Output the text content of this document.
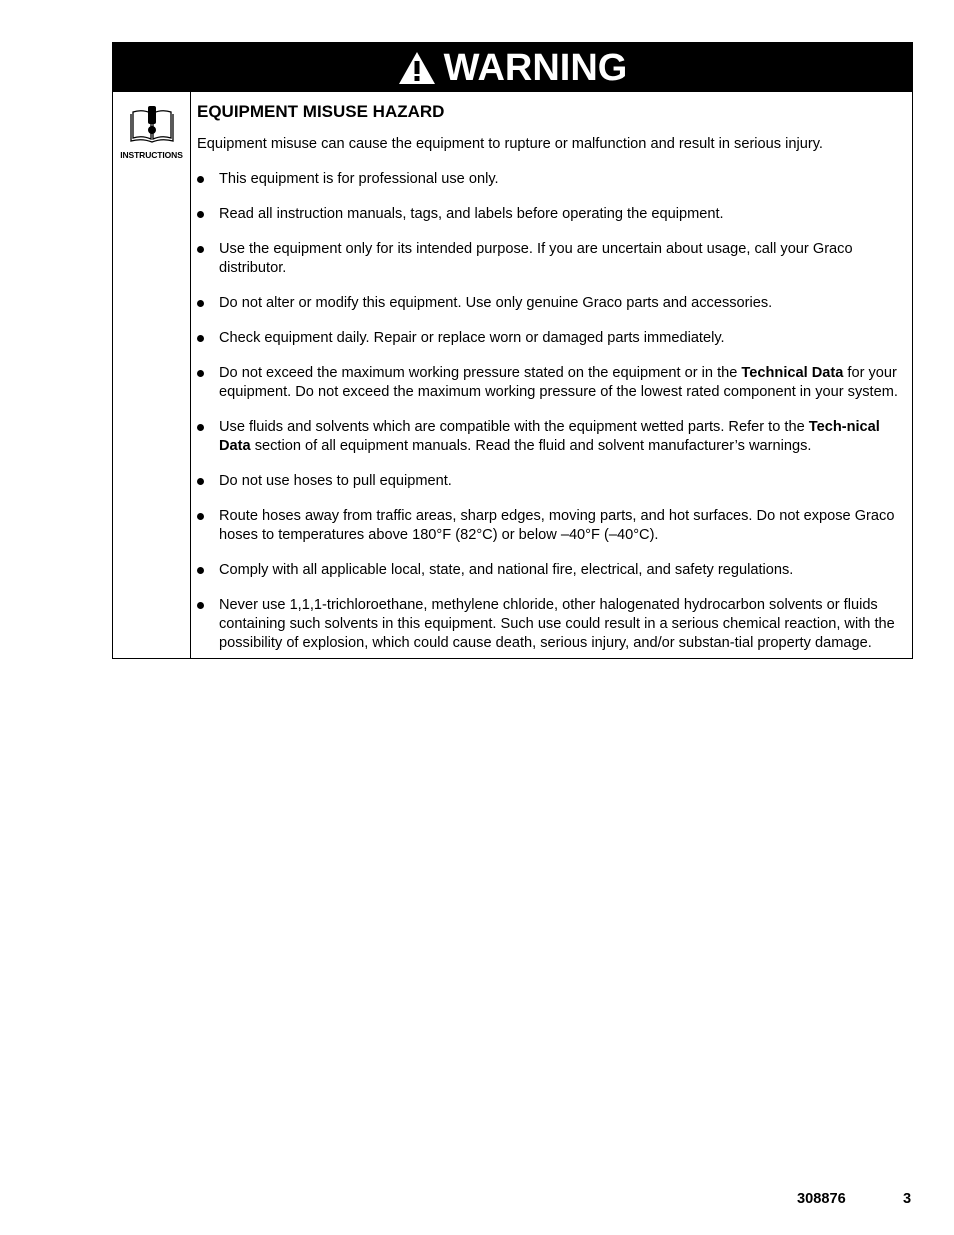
WARNING
INSTRUCTIONS
EQUIPMENT MISUSE HAZARD
Equipment misuse can cause the equipment to rupture or malfunction and result in serious injury.
This equipment is for professional use only.
Read all instruction manuals, tags, and labels before operating the equipment.
Use the equipment only for its intended purpose. If you are uncertain about usage, call your Graco distributor.
Do not alter or modify this equipment. Use only genuine Graco parts and accessories.
Check equipment daily. Repair or replace worn or damaged parts immediately.
Do not exceed the maximum working pressure stated on the equipment or in the Technical Data for your equipment. Do not exceed the maximum working pressure of the lowest rated component in your system.
Use fluids and solvents which are compatible with the equipment wetted parts. Refer to the Tech-nical Data section of all equipment manuals. Read the fluid and solvent manufacturer’s warnings.
Do not use hoses to pull equipment.
Route hoses away from traffic areas, sharp edges, moving parts, and hot surfaces. Do not expose Graco hoses to temperatures above 180°F (82°C) or below –40°F (–40°C).
Comply with all applicable local, state, and national fire, electrical, and safety regulations.
Never use 1,1,1-trichloroethane, methylene chloride, other halogenated hydrocarbon solvents or fluids containing such solvents in this equipment. Such use could result in a serious chemical reaction, with the possibility of explosion, which could cause death, serious injury, and/or substan-tial property damage.
308876	3
